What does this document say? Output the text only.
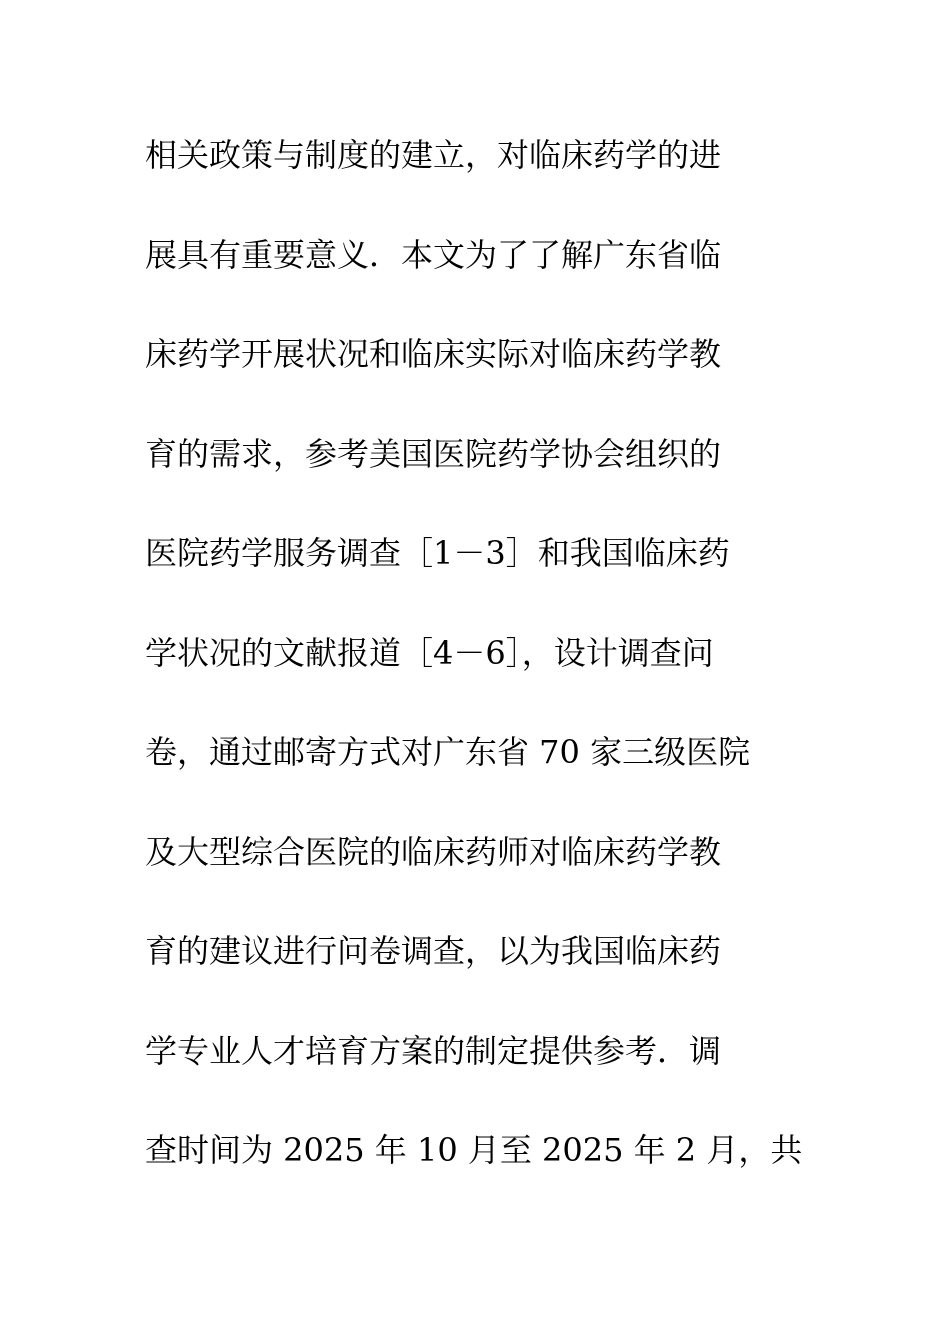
相关政策与制度的建立，对临床药学的进
展具有重要意义．本文为了了解广东省临
床药学开展状况和临床实际对临床药学教
育的需求，参考美国医院药学协会组织的
医院药学服务调查［1－3］和我国临床药
学状况的文献报道［4－6］，设计调查问
卷，通过邮寄方式对广东省 70 家三级医院
及大型综合医院的临床药师对临床药学教
育的建议进行问卷调查，以为我国临床药
学专业人才培育方案的制定提供参考．调
查时间为 2025 年 10 月至 2025 年 2 月，共
